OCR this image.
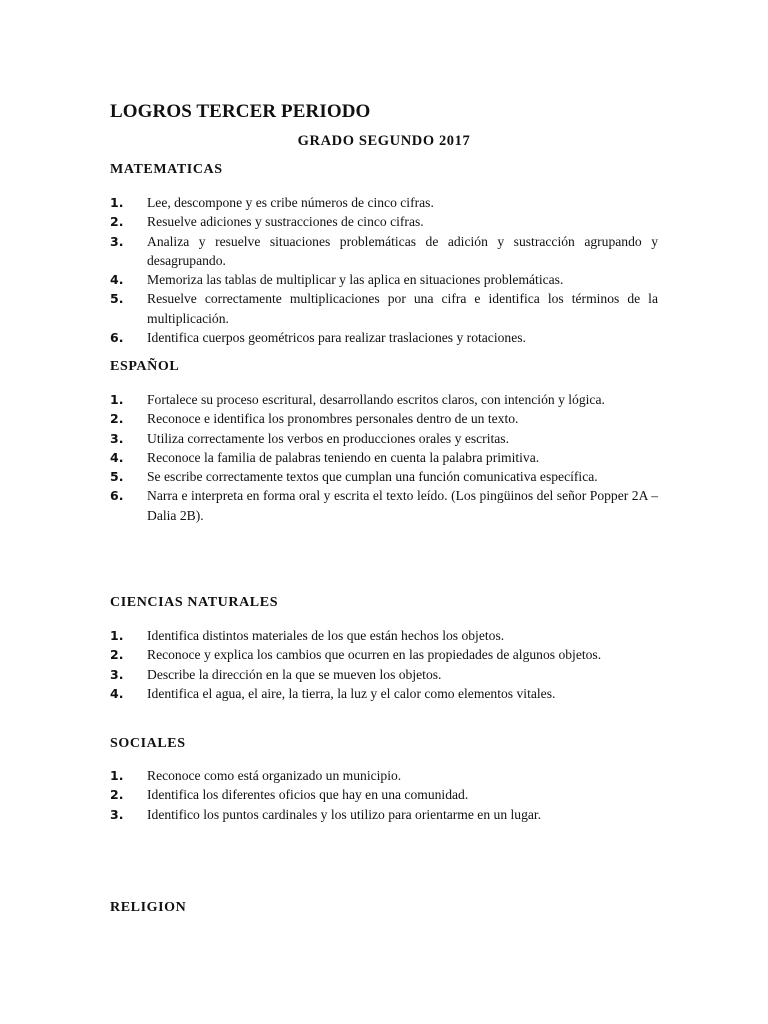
LOGROS TERCER PERIODO
GRADO SEGUNDO 2017
MATEMATICAS
1. Lee, descompone y es cribe números de cinco cifras.
2. Resuelve adiciones y sustracciones de cinco cifras.
3. Analiza y resuelve situaciones problemáticas de adición y sustracción agrupando y desagrupando.
4. Memoriza las tablas de multiplicar y las aplica en situaciones problemáticas.
5. Resuelve correctamente multiplicaciones por una cifra e identifica los términos de la multiplicación.
6. Identifica cuerpos geométricos para realizar traslaciones y rotaciones.
ESPAÑOL
1. Fortalece su proceso escritural, desarrollando escritos claros, con intención y lógica.
2. Reconoce e identifica los pronombres personales dentro de un texto.
3. Utiliza correctamente los verbos en producciones orales y escritas.
4. Reconoce la familia de palabras teniendo en cuenta la palabra primitiva.
5. Se escribe correctamente textos que cumplan una función comunicativa específica.
6. Narra e interpreta en forma oral y escrita el texto leído. (Los pingüinos del señor Popper 2A –Dalia 2B).
CIENCIAS NATURALES
1. Identifica distintos materiales de los que están hechos los objetos.
2. Reconoce y explica los cambios que ocurren en las propiedades de algunos objetos.
3. Describe la dirección en la que se mueven los objetos.
4. Identifica el agua, el aire, la tierra, la luz y el calor como elementos vitales.
SOCIALES
1. Reconoce como está organizado un municipio.
2. Identifica los diferentes oficios que hay en una comunidad.
3. Identifico los puntos cardinales y los utilizo para orientarme en un lugar.
RELIGION
